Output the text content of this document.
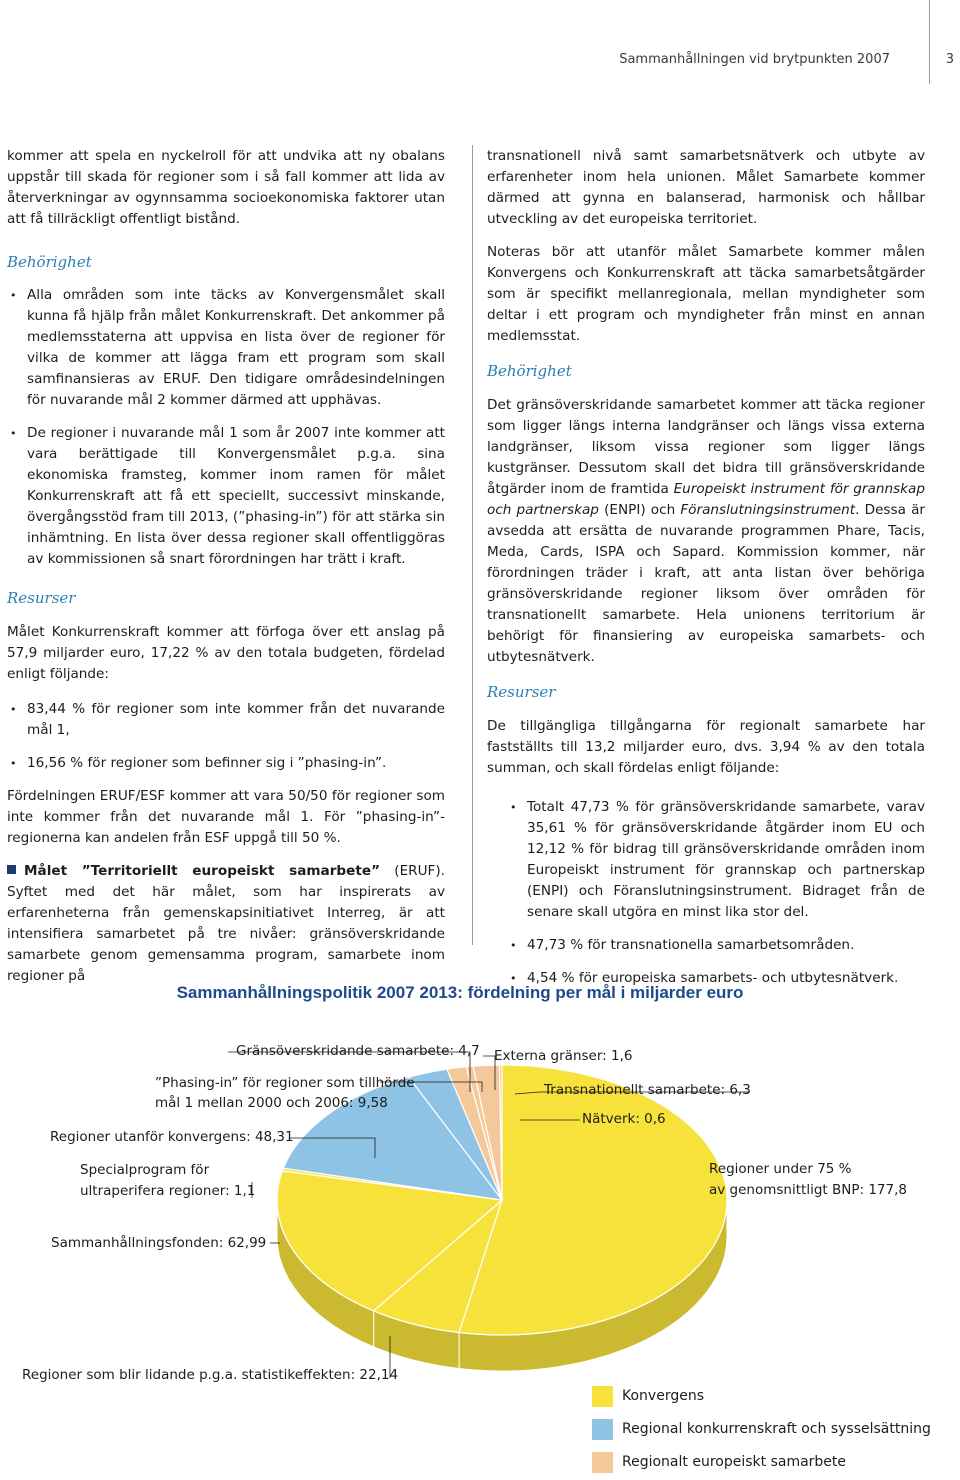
Sammanhållningen vid brytpunkten 2007	3

kommer att spela en nyckelroll för att undvika att ny obalans uppstår till skada för regioner som i så fall kommer att lida av återverkningar av ogynnsamma socioekonomiska faktorer utan att få tillräckligt offentligt bistånd.

Behörighet
• Alla områden som inte täcks av Konvergensmålet skall kunna få hjälp från målet Konkurrenskraft. Det ankommer på medlemsstaterna att uppvisa en lista över de regioner för vilka de kommer att lägga fram ett program som skall samfinansieras av ERUF. Den tidigare områdesindelningen för nuvarande mål 2 kommer därmed att upphävas.
• De regioner i nuvarande mål 1 som år 2007 inte kommer att vara berättigade till Konvergensmålet p.g.a. sina ekonomiska framsteg, kommer inom ramen för målet Konkurrenskraft att få ett speciellt, successivt minskande, övergångsstöd fram till 2013, (”phasing-in”) för att stärka sin inhämtning. En lista över dessa regioner skall offentliggöras av kommissionen så snart förordningen har trätt i kraft.
Resurser

Målet Konkurrenskraft kommer att förfoga över ett anslag på 57,9 miljarder euro, 17,22 % av den totala budgeten, fördelad enligt följande:

• 83,44 % för regioner som inte kommer från det nuvarande mål 1,
• 16,56 % för regioner som befinner sig i ”phasing-in”.

Fördelningen ERUF/ESF kommer att vara 50/50 för regioner som inte kommer från det nuvarande mål 1. För ”phasing-in”-regionerna kan andelen från ESF uppgå till 50 %.

Målet ”Territoriellt europeiskt samarbete” (ERUF). Syftet med det här målet, som har inspirerats av erfarenheterna från gemenskapsinitiativet Interreg, är att intensifiera samarbetet på tre nivåer: gränsöverskridande samarbete genom gemensamma program, samarbete inom regioner på

transnationell nivå samt samarbetsnätverk och utbyte av erfarenheter inom hela unionen. Målet Samarbete kommer därmed att gynna en balanserad, harmonisk och hållbar utveckling av det europeiska territoriet.

Noteras bör att utanför målet Samarbete kommer målen Konvergens och Konkurrenskraft att täcka samarbetsåtgärder som är specifikt mellanregionala, mellan myndigheter som deltar i ett program och myndigheter från minst en annan medlemsstat.

Behörighet

Det gränsöverskridande samarbetet kommer att täcka regioner som ligger längs interna landgränser och längs vissa externa landgränser, liksom vissa regioner som ligger längs kustgränser. Dessutom skall det bidra till gränsöverskridande åtgärder inom de framtida Europeiskt instrument för grannskap och partnerskap (ENPI) och Föranslutningsinstrument. Dessa är avsedda att ersätta de nuvarande programmen Phare, Tacis, Meda, Cards, ISPA och Sapard. Kommission kommer, när förordningen träder i kraft, att anta listan över behöriga gränsöverskridande regioner liksom över områden för transnationellt samarbete. Hela unionens territorium är behörigt för finansiering av europeiska samarbets- och utbytesnätverk.

Resurser

De tillgängliga tillgångarna för regionalt samarbete har fastställts till 13,2 miljarder euro, dvs. 3,94 % av den totala summan, och skall fördelas enligt följande:

• Totalt 47,73 % för gränsöverskridande samarbete, varav 35,61 % för gränsöverskridande åtgärder inom EU och 12,12 % för bidrag till gränsöverskridande områden inom Europeiskt instrument för grannskap och partnerskap (ENPI) och Föranslutningsinstrument. Bidraget från de senare skall utgöra en minst lika stor del.
• 47,73 % för transnationella samarbetsområden.
• 4,54 % för europeiska samarbets- och utbytesnätverk.
Sammanhållningspolitik 2007 2013: fördelning per mål i miljarder euro
Gränsöverskridande samarbete: 4,7 Externa gränser: 1,6
”Phasing-in” för regioner som tillhörde
mål 1 mellan 2000 och 2006: 9,58
Transnationellt samarbete: 6,3
Nätverk: 0,6
Regioner utanför konvergens: 48,31
Specialprogram för
ultraperifera regioner: 1,1
Regioner under 75 %
av genomsnittligt BNP: 177,8
Sammanhållningsfonden: 62,99
Regioner som blir lidande p.g.a. statistikeffekten: 22,14
Konvergens
Regional konkurrenskraft och sysselsättning
Regionalt europeiskt samarbete
